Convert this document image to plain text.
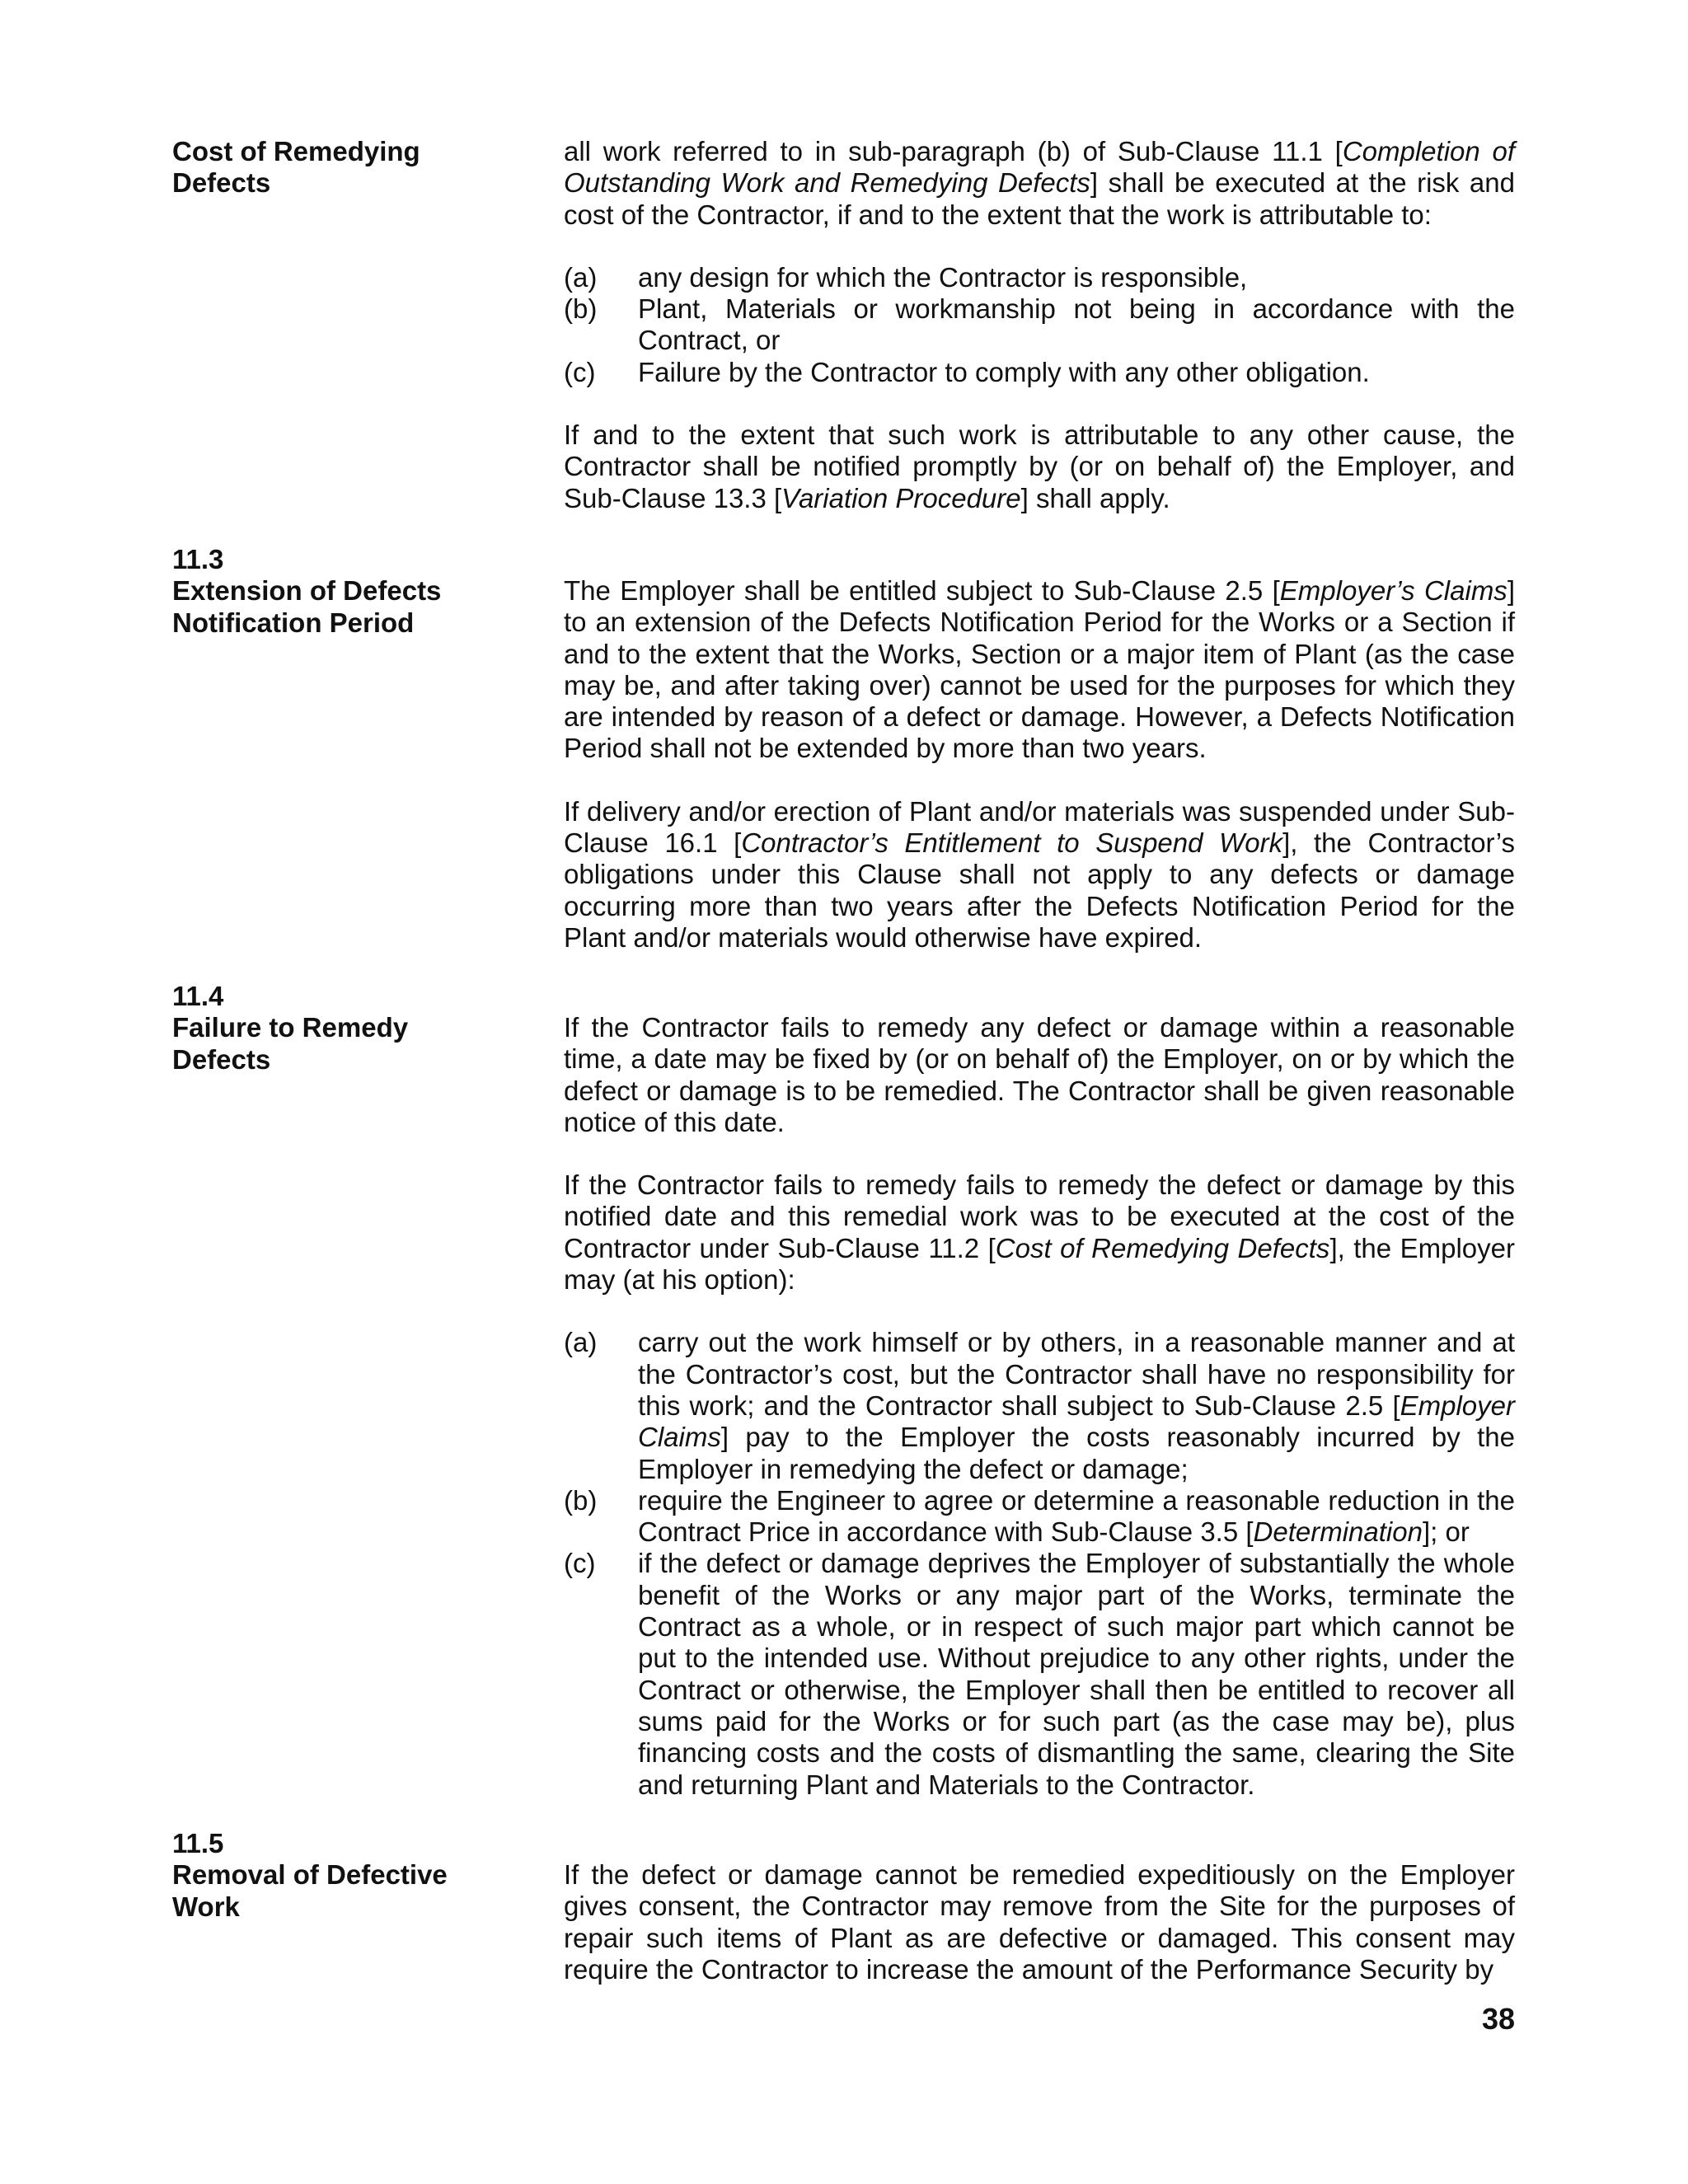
Cost of Remedying
Defects

all work referred to in sub-paragraph (b) of Sub-Clause 11.1 [Completion of Outstanding Work and Remedying Defects] shall be executed at the risk and cost of the Contractor, if and to the extent that the work is attributable to:

(a) any design for which the Contractor is responsible,
(b) Plant, Materials or workmanship not being in accordance with the Contract, or
(c) Failure by the Contractor to comply with any other obligation.

If and to the extent that such work is attributable to any other cause, the Contractor shall be notified promptly by (or on behalf of) the Employer, and Sub-Clause 13.3 [Variation Procedure] shall apply.

11.3
Extension of Defects
Notification Period

The Employer shall be entitled subject to Sub-Clause 2.5 [Employer’s Claims] to an extension of the Defects Notification Period for the Works or a Section if and to the extent that the Works, Section or a major item of Plant (as the case may be, and after taking over) cannot be used for the purposes for which they are intended by reason of a defect or damage. However, a Defects Notification Period shall not be extended by more than two years.

If delivery and/or erection of Plant and/or materials was suspended under Sub-Clause 16.1 [Contractor’s Entitlement to Suspend Work], the Contractor’s obligations under this Clause shall not apply to any defects or damage occurring more than two years after the Defects Notification Period for the Plant and/or materials would otherwise have expired.

11.4
Failure to Remedy
Defects

If the Contractor fails to remedy any defect or damage within a reasonable time, a date may be fixed by (or on behalf of) the Employer, on or by which the defect or damage is to be remedied. The Contractor shall be given reasonable notice of this date.

If the Contractor fails to remedy fails to remedy the defect or damage by this notified date and this remedial work was to be executed at the cost of the Contractor under Sub-Clause 11.2 [Cost of Remedying Defects], the Employer may (at his option):

(a) carry out the work himself or by others, in a reasonable manner and at the Contractor’s cost, but the Contractor shall have no responsibility for this work; and the Contractor shall subject to Sub-Clause 2.5 [Employer Claims] pay to the Employer the costs reasonably incurred by the Employer in remedying the defect or damage;
(b) require the Engineer to agree or determine a reasonable reduction in the Contract Price in accordance with Sub-Clause 3.5 [Determination]; or
(c) if the defect or damage deprives the Employer of substantially the whole benefit of the Works or any major part of the Works, terminate the Contract as a whole, or in respect of such major part which cannot be put to the intended use. Without prejudice to any other rights, under the Contract or otherwise, the Employer shall then be entitled to recover all sums paid for the Works or for such part (as the case may be), plus financing costs and the costs of dismantling the same, clearing the Site and returning Plant and Materials to the Contractor.
11.5
Removal of Defective
Work

If the defect or damage cannot be remedied expeditiously on the Employer gives consent, the Contractor may remove from the Site for the purposes of repair such items of Plant as are defective or damaged. This consent may require the Contractor to increase the amount of the Performance Security by

38
